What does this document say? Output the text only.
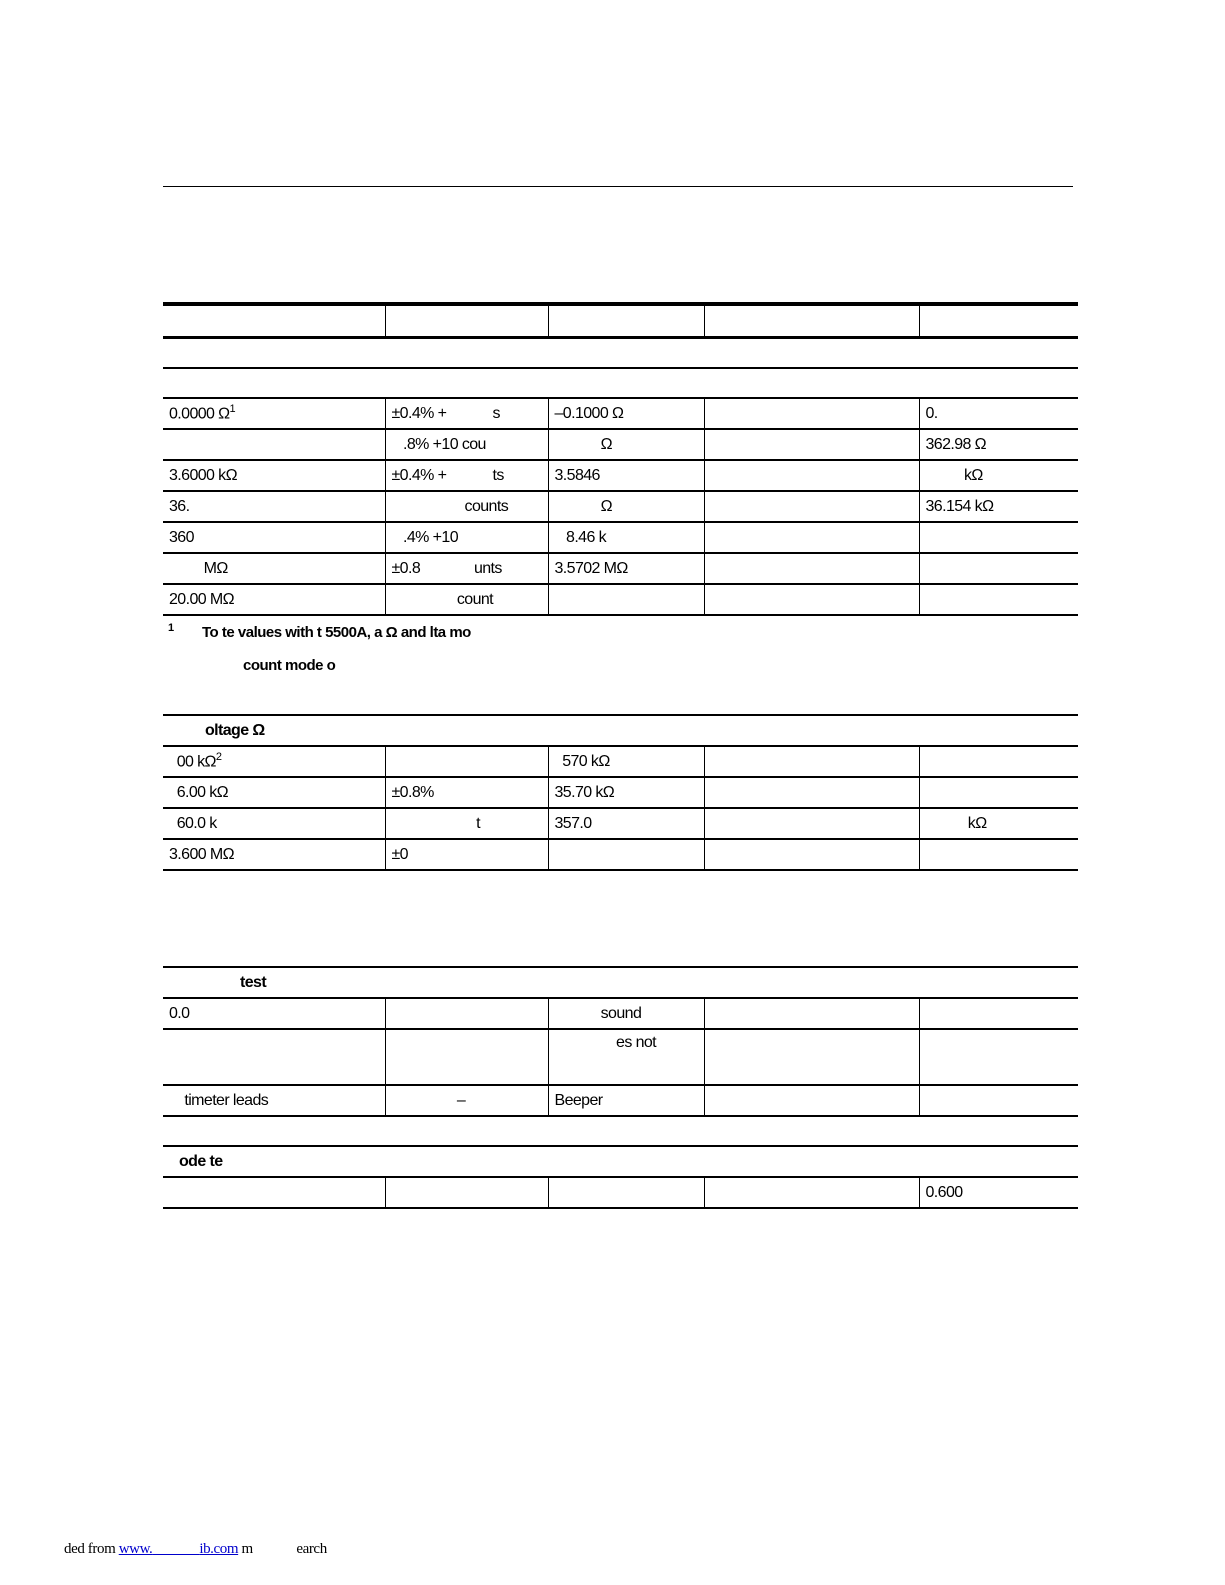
0.0000 $\Omega^1$	±0.4% +            s	–0.1000 Ω		0.
	.8% +10 cou	Ω		362.98 Ω
3.6000 kΩ	±0.4% +            ts	3.5846		kΩ
36.	counts	Ω		36.154 kΩ
360	.4% +10	8.46 k		
MΩ	±0.8              unts	3.5702 MΩ		
20.00 MΩ	count			
$^1$ To te values with t 5500A, a Ω and lta mo
count mode o
oltage Ω				
00 $k\Omega^2$		570 kΩ		
6.00 kΩ	±0.8%	35.70 kΩ		
60.0 k	t	357.0		kΩ
3.600 MΩ	±0			
test				
0.0		sound		
		es not		
timeter leads	–	Beeper		
ode te
				0.600
ded from www.	ib.com m             earch
